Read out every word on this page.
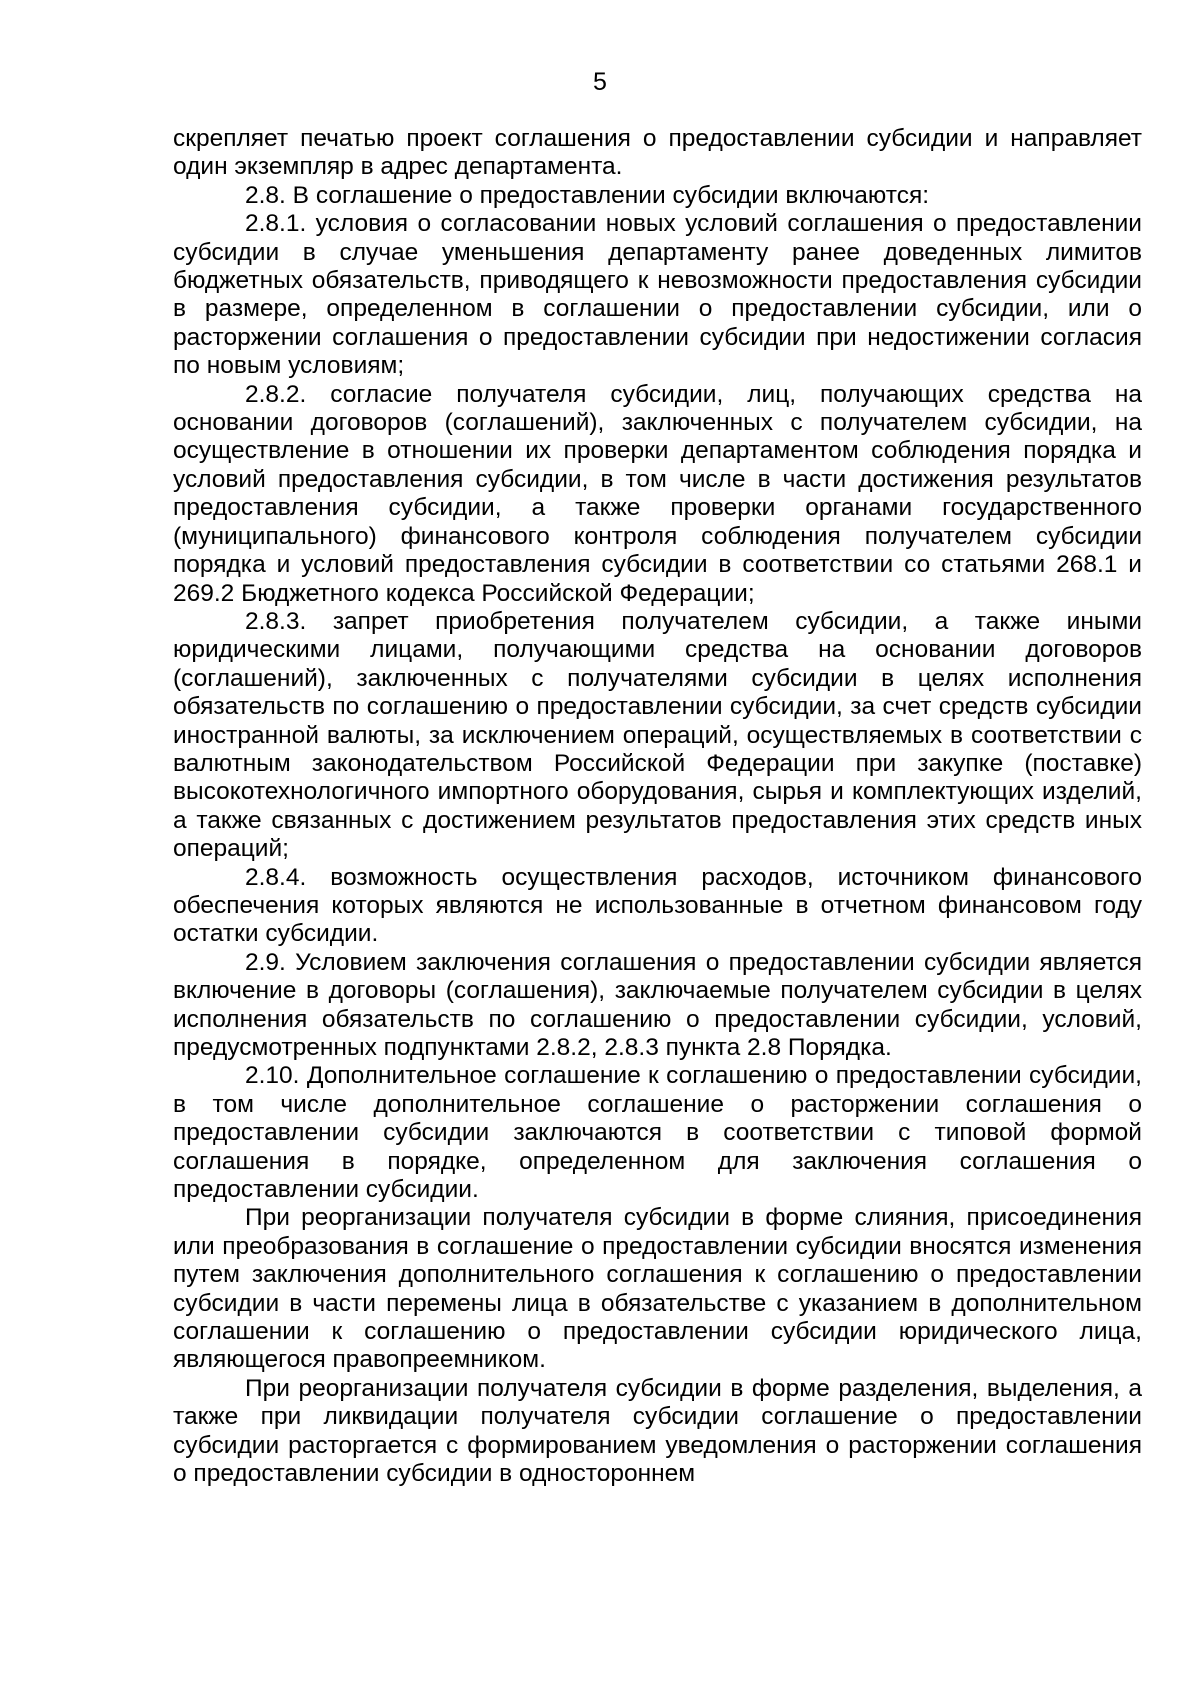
5

скрепляет печатью проект соглашения о предоставлении субсидии и направляет один экземпляр в адрес департамента.

2.8. В соглашение о предоставлении субсидии включаются:

2.8.1. условия о согласовании новых условий соглашения о предоставлении субсидии в случае уменьшения департаменту ранее доведенных лимитов бюджетных обязательств, приводящего к невозможности предоставления субсидии в размере, определенном в соглашении о предоставлении субсидии, или о расторжении соглашения о предоставлении субсидии при недостижении согласия по новым условиям;

2.8.2. согласие получателя субсидии, лиц, получающих средства на основании договоров (соглашений), заключенных с получателем субсидии, на осуществление в отношении их проверки департаментом соблюдения порядка и условий предоставления субсидии, в том числе в части достижения результатов предоставления субсидии, а также проверки органами государственного (муниципального) финансового контроля соблюдения получателем субсидии порядка и условий предоставления субсидии в соответствии со статьями 268.1 и 269.2 Бюджетного кодекса Российской Федерации;

2.8.3. запрет приобретения получателем субсидии, а также иными юридическими лицами, получающими средства на основании договоров (соглашений), заключенных с получателями субсидии в целях исполнения обязательств по соглашению о предоставлении субсидии, за счет средств субсидии иностранной валюты, за исключением операций, осуществляемых в соответствии с валютным законодательством Российской Федерации при закупке (поставке) высокотехнологичного импортного оборудования, сырья и комплектующих изделий, а также связанных с достижением результатов предоставления этих средств иных операций;

2.8.4. возможность осуществления расходов, источником финансового обеспечения которых являются не использованные в отчетном финансовом году остатки субсидии.

2.9. Условием заключения соглашения о предоставлении субсидии является включение в договоры (соглашения), заключаемые получателем субсидии в целях исполнения обязательств по соглашению о предоставлении субсидии, условий, предусмотренных подпунктами 2.8.2, 2.8.3 пункта 2.8 Порядка.

2.10. Дополнительное соглашение к соглашению о предоставлении субсидии, в том числе дополнительное соглашение о расторжении соглашения о предоставлении субсидии заключаются в соответствии с типовой формой соглашения в порядке, определенном для заключения соглашения о предоставлении субсидии.

При реорганизации получателя субсидии в форме слияния, присоединения или преобразования в соглашение о предоставлении субсидии вносятся изменения путем заключения дополнительного соглашения к соглашению о предоставлении субсидии в части перемены лица в обязательстве с указанием в дополнительном соглашении к соглашению о предоставлении субсидии юридического лица, являющегося правопреемником.

При реорганизации получателя субсидии в форме разделения, выделения, а также при ликвидации получателя субсидии соглашение о предоставлении субсидии расторгается с формированием уведомления о расторжении соглашения о предоставлении субсидии в одностороннем
